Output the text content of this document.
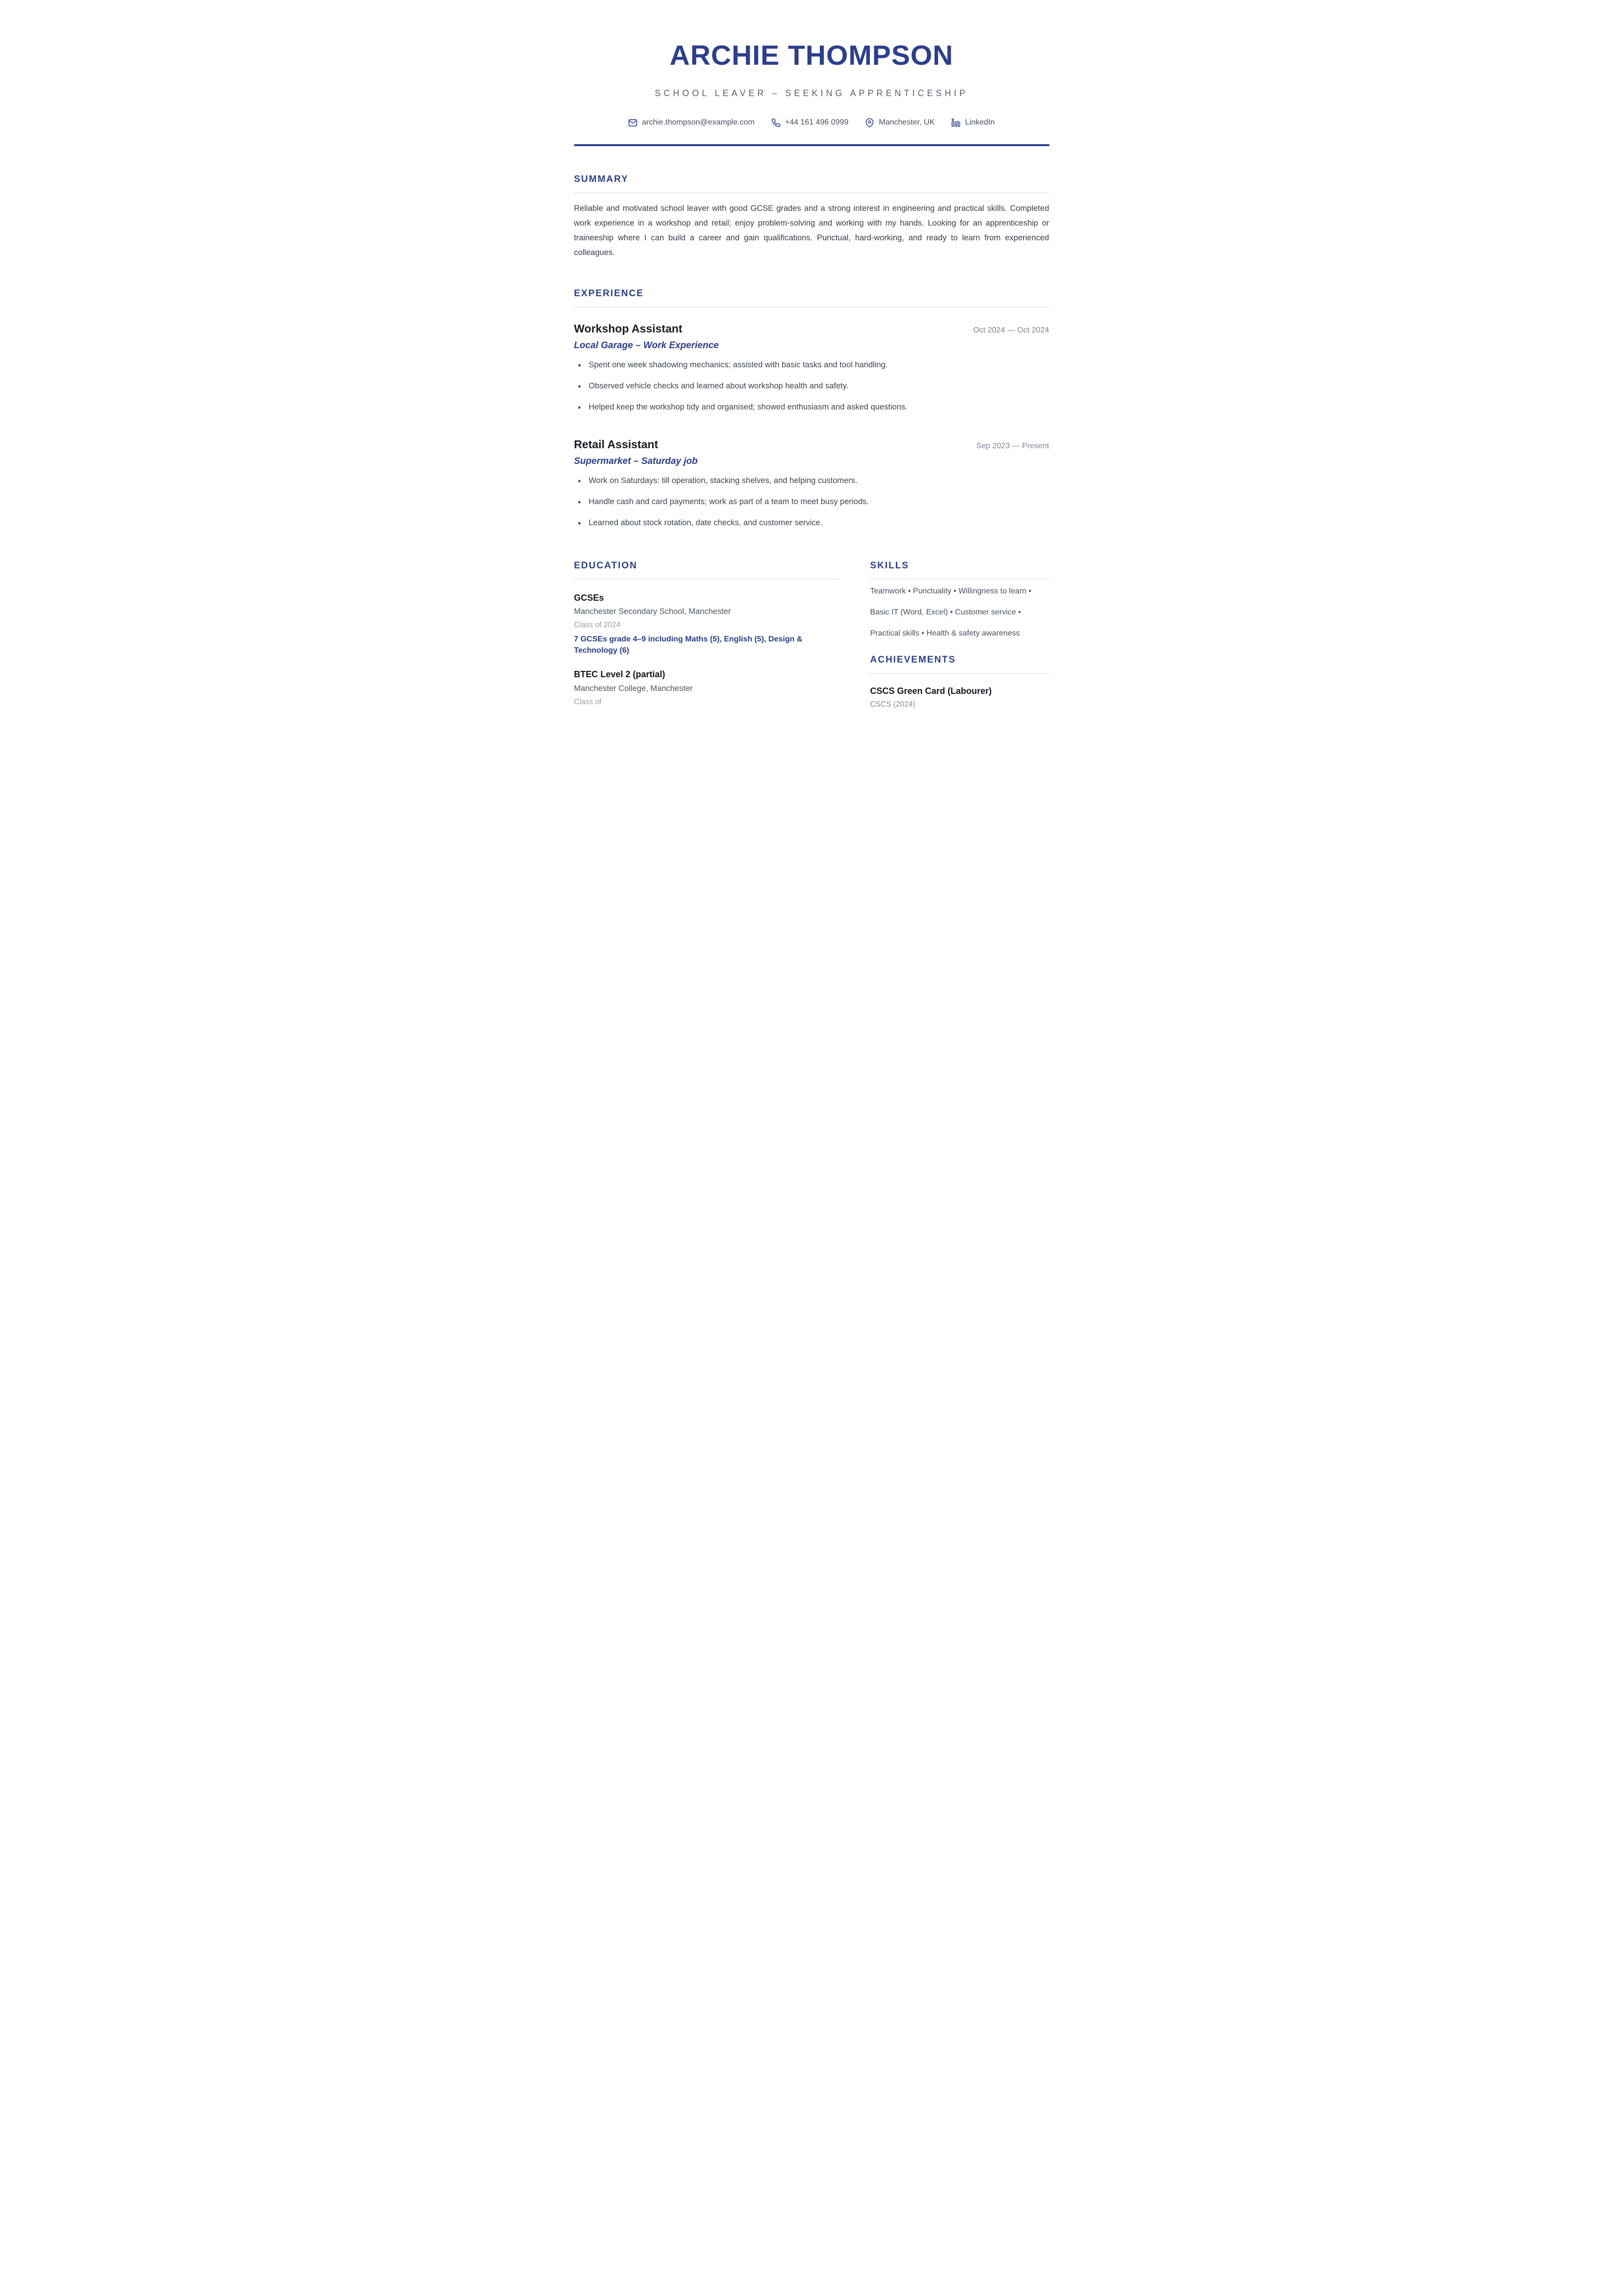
ARCHIE THOMPSON
SCHOOL LEAVER – SEEKING APPRENTICESHIP
archie.thompson@example.com	+44 161 496 0999	Manchester, UK	LinkedIn
SUMMARY

Reliable and motivated school leaver with good GCSE grades and a strong interest in engineering and practical skills. Completed work experience in a workshop and retail; enjoy problem-solving and working with my hands. Looking for an apprenticeship or traineeship where I can build a career and gain qualifications. Punctual, hard-working, and ready to learn from experienced colleagues.

EXPERIENCE
Workshop Assistant	Oct 2024 — Oct 2024
Local Garage – Work Experience
• Spent one week shadowing mechanics; assisted with basic tasks and tool handling.
• Observed vehicle checks and learned about workshop health and safety.
• Helped keep the workshop tidy and organised; showed enthusiasm and asked questions.
Retail Assistant	Sep 2023 — Present
Supermarket – Saturday job
• Work on Saturdays: till operation, stacking shelves, and helping customers.
• Handle cash and card payments; work as part of a team to meet busy periods.
• Learned about stock rotation, date checks, and customer service.
EDUCATION
GCSEs
Manchester Secondary School, Manchester
Class of 2024
7 GCSEs grade 4–9 including Maths (5), English (5), Design & Technology (6)
BTEC Level 2 (partial)
Manchester College, Manchester
Class of
SKILLS

Teamwork • Punctuality • Willingness to learn • Basic IT (Word, Excel) • Customer service • Practical skills • Health & safety awareness

ACHIEVEMENTS
CSCS Green Card (Labourer)
CSCS (2024)
